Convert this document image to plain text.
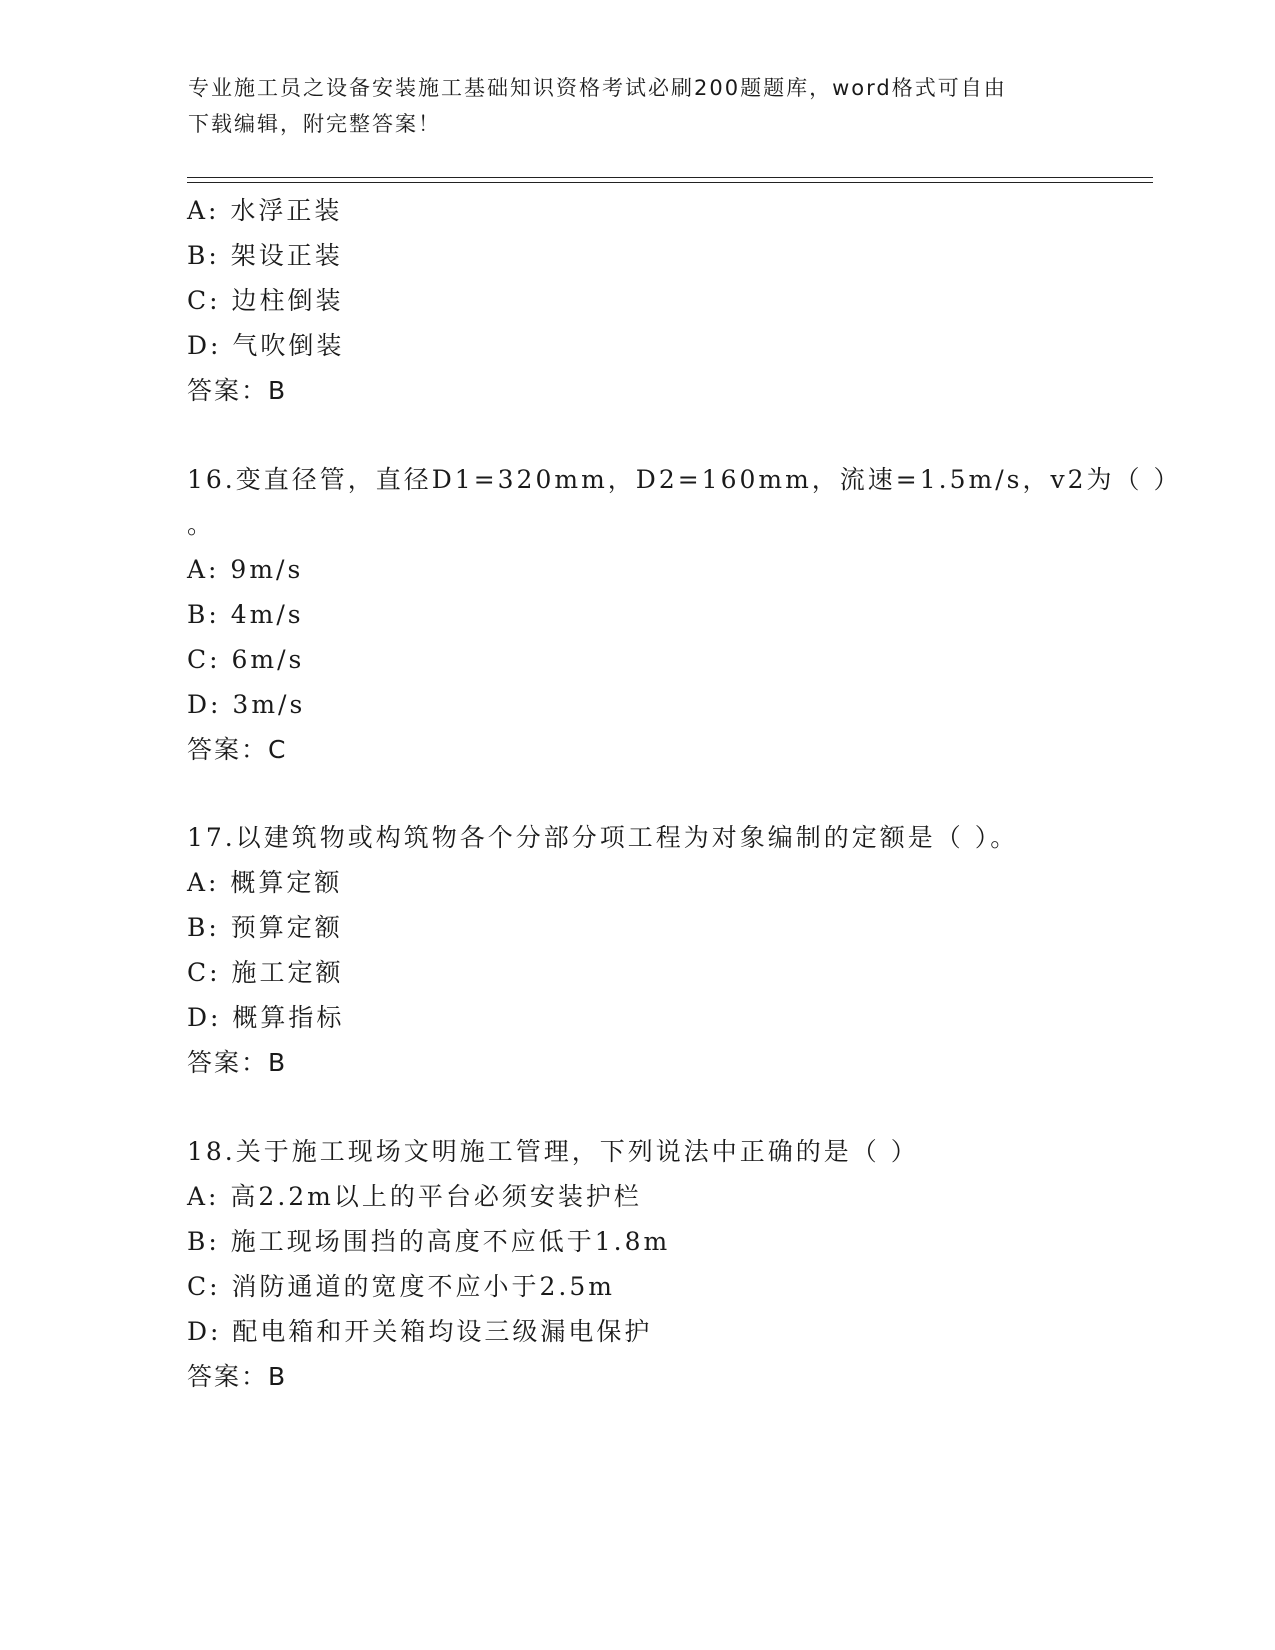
专业施工员之设备安装施工基础知识资格考试必刷200题题库，word格式可自由
下载编辑，附完整答案！
A: 水浮正装
B: 架设正装
C: 边柱倒装
D: 气吹倒装
答案：B
16.变直径管，直径D1=320mm，D2=160mm，流速=1.5m/s，v2为（ ）
。
A: 9m/s
B: 4m/s
C: 6m/s
D: 3m/s
答案：C
17.以建筑物或构筑物各个分部分项工程为对象编制的定额是（ ）。
A: 概算定额
B: 预算定额
C: 施工定额
D: 概算指标
答案：B
18.关于施工现场文明施工管理，下列说法中正确的是（ ）
A: 高2.2m以上的平台必须安装护栏
B: 施工现场围挡的高度不应低于1.8m
C: 消防通道的宽度不应小于2.5m
D: 配电箱和开关箱均设三级漏电保护
答案：B
